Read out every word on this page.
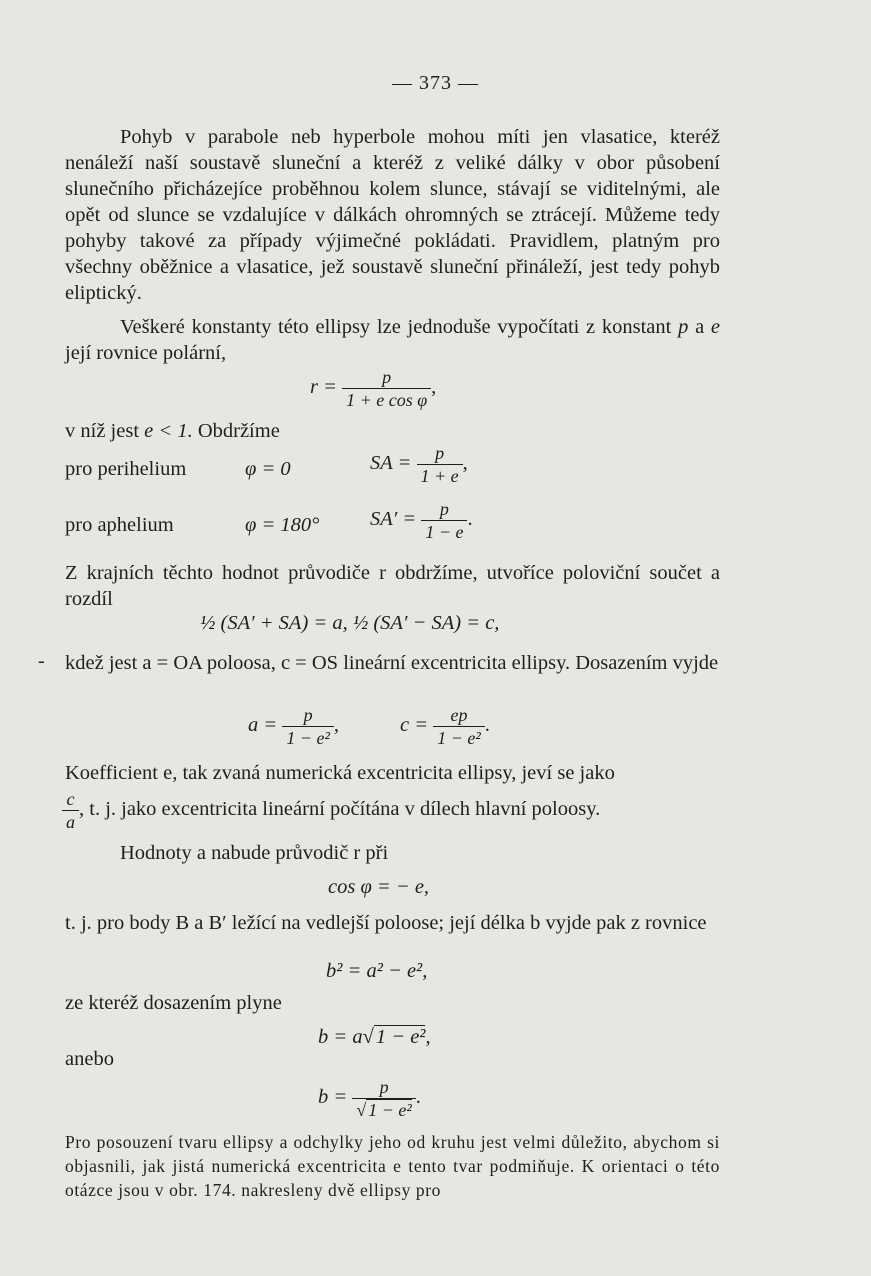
— 373 —

Pohyb v parabole neb hyperbole mohou míti jen vlasatice, kteréž nenáleží naší soustavě sluneční a kteréž z veliké dálky v obor působení slunečního přicházejíce proběhnou kolem slunce, stávají se viditelnými, ale opět od slunce se vzdalujíce v dálkách ohromných se ztrácejí. Můžeme tedy pohyby takové za případy výjimečné pokládati. Pravidlem, platným pro všechny oběžnice a vlasatice, jež soustavě sluneční přináleží, jest tedy pohyb eliptický.

Veškeré konstanty této ellipsy lze jednoduše vypočítati z konstant p a e její rovnice polární,

$r = \frac{p}{\text{1 + e cos φ}}$ ,
v níž jest e < 1. Obdržíme
pro perihelium	φ = 0	SA = $\frac{p}{1 + e}$ ,
pro aphelium	φ = 180° $SA' = \frac{p}{1 - e}$ .

Z krajních těchto hodnot průvodiče r obdržíme, utvoříce poloviční součet a rozdíl

½ (SA′ + SA) = a, ½ (SA′ − SA) = c,
- kdež jest a = OA poloosa, c = OS lineární excentricita ellipsy. Dosazením vyjde

$a = \frac{p}{\text{1 − e²}}$ ,	$c = \frac{ep}{\text{1 − e²}}$ .

Koefficient e, tak zvaná numerická excentricita ellipsy, jeví se jako

$\frac{c}{a}$ , t. j. jako excentricita lineární počítána v dílech hlavní poloosy.

Hodnoty a nabude průvodič r při

cos φ = − e,

t. j. pro body B a B′ ležící na vedlejší poloose; její délka b vyjde pak z rovnice

b² = a² − e²,

ze kteréž dosazením plyne

b = a√1 − e²,
anebo
$b = \frac{p}{\text{√ 1 − e²}}$ .

Pro posouzení tvaru ellipsy a odchylky jeho od kruhu jest velmi důležito, abychom si objasnili, jak jistá numerická excentricita e tento tvar podmiňuje. K orientaci o této otázce jsou v obr. 174. nakresleny dvě ellipsy pro
